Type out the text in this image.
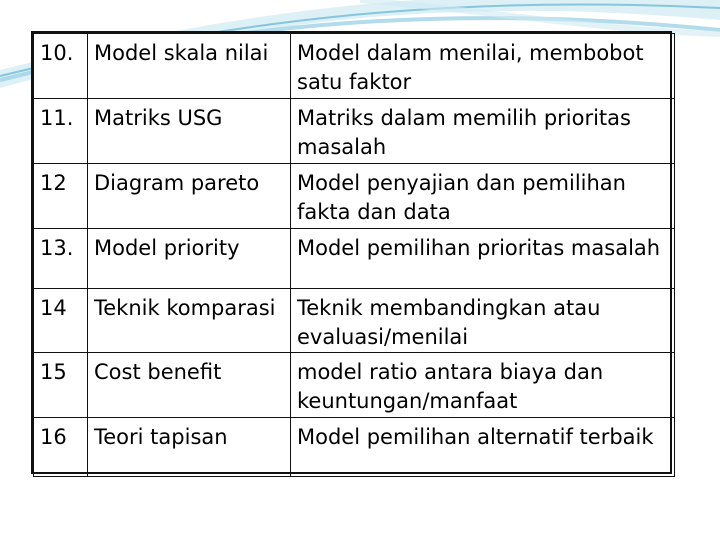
10.	Model skala nilai	Model dalam menilai, membobot satu faktor

11.	Matriks USG	Matriks dalam memilih prioritas masalah

12	Diagram pareto	Model penyajian dan pemilihan fakta dan data

13.	Model priority	Model pemilihan prioritas masalah

14	Teknik komparasi	Teknik membandingkan atau evaluasi/menilai

15	Cost benefit	model ratio antara biaya dan keuntungan/manfaat

16	Teori tapisan	Model pemilihan alternatif terbaik
